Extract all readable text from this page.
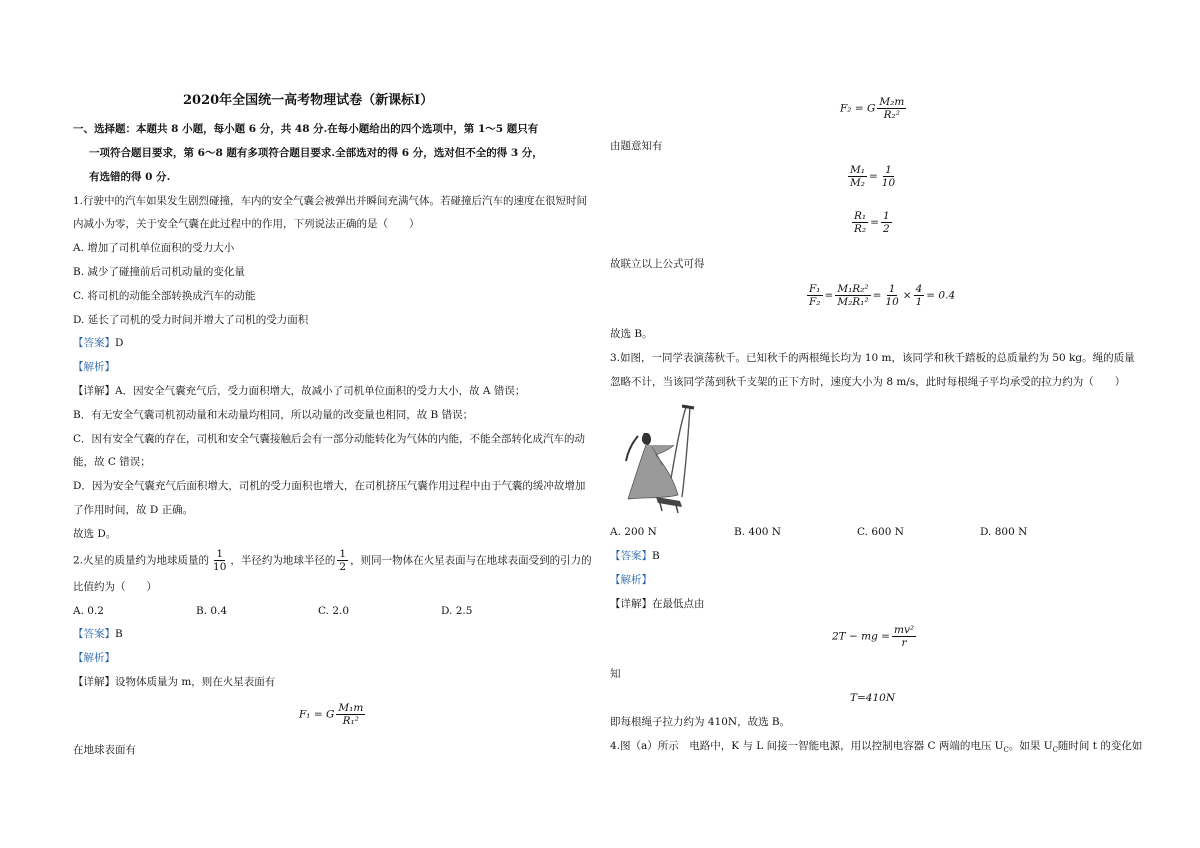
2020年全国统一高考物理试卷（新课标Ⅰ）
一、选择题：本题共 8 小题，每小题 6 分，共 48 分.在每小题给出的四个选项中，第 1～5 题只有
一项符合题目要求，第 6～8 题有多项符合题目要求.全部选对的得 6 分，选对但不全的得 3 分，
有选错的得 0 分.
1.行驶中的汽车如果发生剧烈碰撞，车内的安全气囊会被弹出并瞬间充满气体。若碰撞后汽车的速度在很短时间
内减小为零，关于安全气囊在此过程中的作用，下列说法正确的是（　　）
A. 增加了司机单位面积的受力大小
B. 减少了碰撞前后司机动量的变化量
C. 将司机的动能全部转换成汽车的动能
D. 延长了司机的受力时间并增大了司机的受力面积
【答案】D
【解析】
【详解】A．因安全气囊充气后，受力面积增大，故减小了司机单位面积的受力大小，故 A 错误；
B．有无安全气囊司机初动量和末动量均相同，所以动量的改变量也相同，故 B 错误；
C．因有安全气囊的存在，司机和安全气囊接触后会有一部分动能转化为气体的内能，不能全部转化成汽车的动
能，故 C 错误；
D．因为安全气囊充气后面积增大，司机的受力面积也增大，在司机挤压气囊作用过程中由于气囊的缓冲故增加
了作用时间，故 D 正确。
故选 D。
2.火星的质量约为地球质量的 $\frac{1}{10}$ ，半径约为地球半径的 $\frac{1}{2}$ ，则同一物体在火星表面与在地球表面受到的引力的
比值约为（　　）
A. 0.2	B. 0.4	C. 2.0	D. 2.5
【答案】B
【解析】
【详解】设物体质量为 m，则在火星表面有
F₁ = G $\frac{\text{M₁m}}{\text{R₁²}}$
在地球表面有
F₂ = G $\frac{\text{M₂m}}{\text{R₂²}}$
由题意知有
$\frac{\text{M₁}}{\text{M₂}} = \frac{1}{10}$
$\frac{\text{R₁}}{\text{R₂}} = \frac{1}{2}$
故联立以上公式可得
$\frac{\text{F₁}}{\text{F₂}} = \frac{\text{M₁R₂²}}{\text{M₂R₁²}} = \frac{1}{10} \times \frac{4}{1} = 0.4$
故选 B。
3.如图，一同学表演荡秋千。已知秋千的两根绳长均为 10 m，该同学和秋千踏板的总质量约为 50 kg。绳的质量
忽略不计，当该同学荡到秋千支架的正下方时，速度大小为 8 m/s，此时每根绳子平均承受的拉力约为（　　）
A. 200 N	B. 400 N	C. 600 N	D. 800 N
【答案】B
【解析】
【详解】在最低点由
2T − mg = $\frac{\text{mv²}}{r}$
知
T=410N
即每根绳子拉力约为 410N，故选 B。
4.图（a）所示　电路中，K 与 L 间接一智能电源，用以控制电容器 C 两端的电压 $U_C$。如果 $U_C$随时间 t 的变化如
